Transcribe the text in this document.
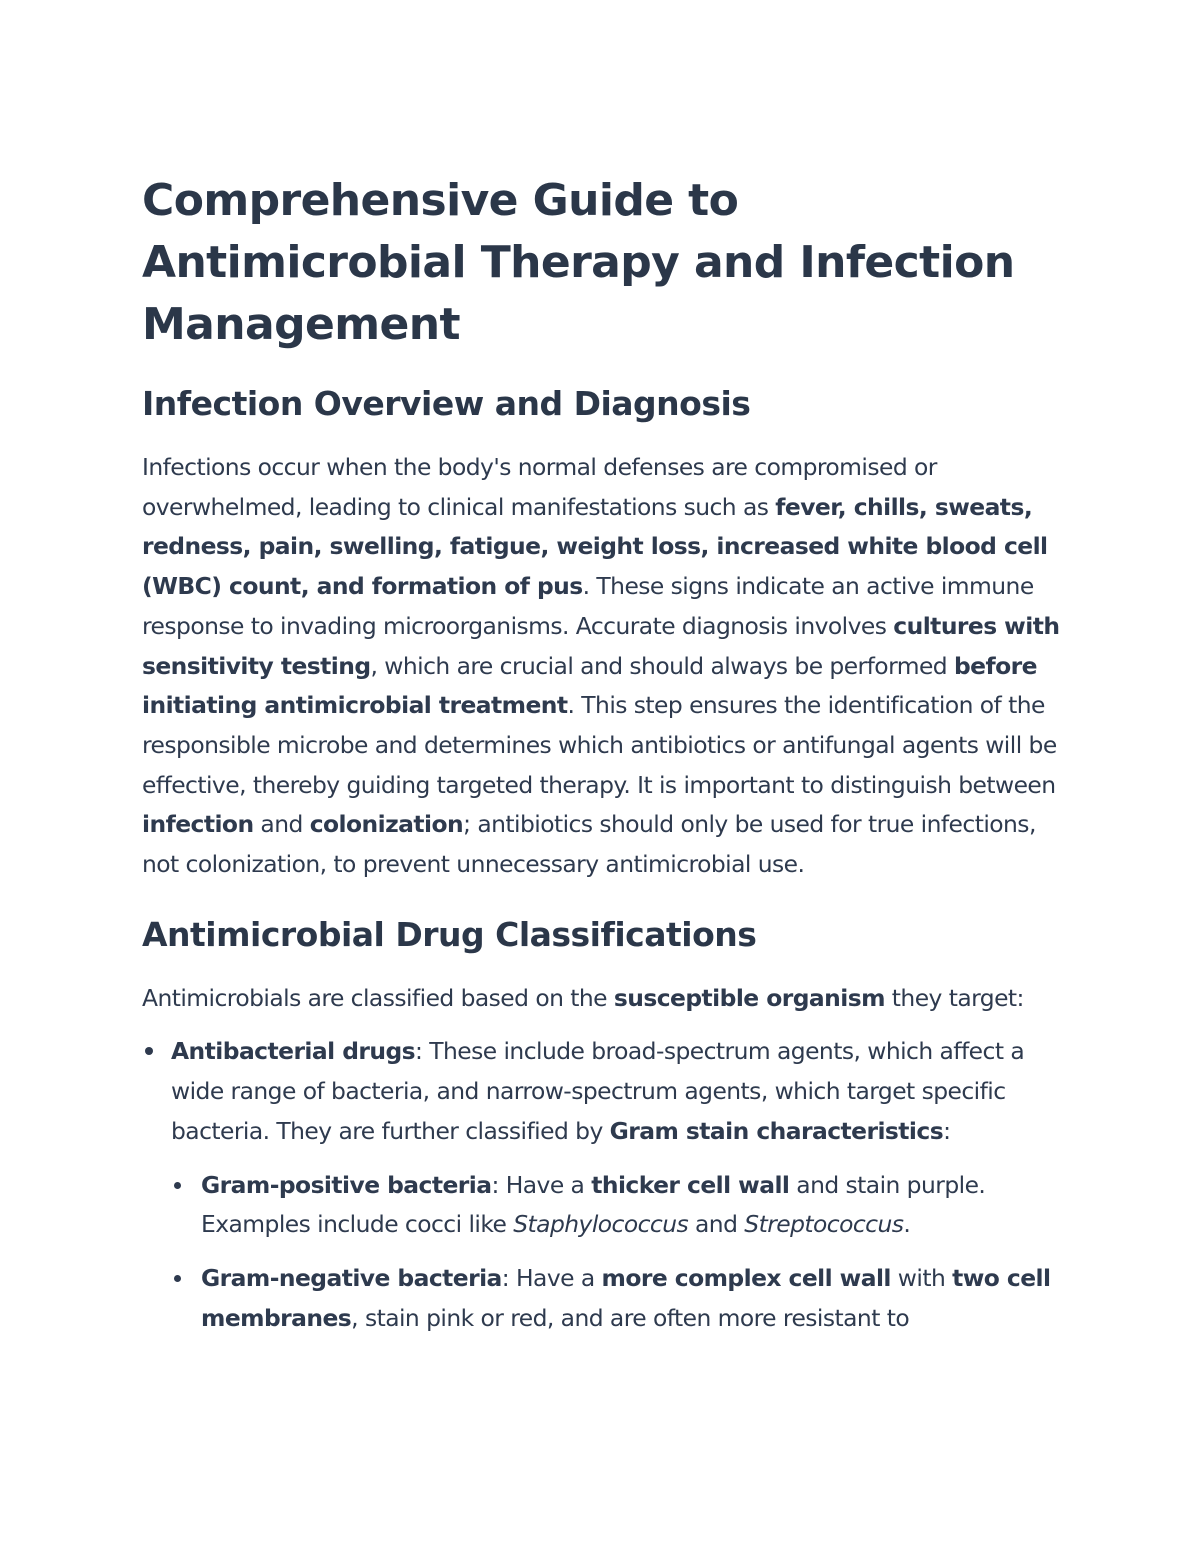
Comprehensive Guide to Antimicrobial Therapy and Infection Management
Infection Overview and Diagnosis

Infections occur when the body's normal defenses are compromised or overwhelmed, leading to clinical manifestations such as fever, chills, sweats, redness, pain, swelling, fatigue, weight loss, increased white blood cell (WBC) count, and formation of pus. These signs indicate an active immune response to invading microorganisms. Accurate diagnosis involves cultures with sensitivity testing, which are crucial and should always be performed before initiating antimicrobial treatment. This step ensures the identification of the responsible microbe and determines which antibiotics or antifungal agents will be effective, thereby guiding targeted therapy. It is important to distinguish between infection and colonization; antibiotics should only be used for true infections, not colonization, to prevent unnecessary antimicrobial use.

Antimicrobial Drug Classifications

Antimicrobials are classified based on the susceptible organism they target:

Antibacterial drugs: These include broad-spectrum agents, which affect a wide range of bacteria, and narrow-spectrum agents, which target specific bacteria. They are further classified by Gram stain characteristics:
Gram-positive bacteria: Have a thicker cell wall and stain purple. Examples include cocci like Staphylococcus and Streptococcus.
Gram-negative bacteria: Have a more complex cell wall with two cell membranes, stain pink or red, and are often more resistant to
